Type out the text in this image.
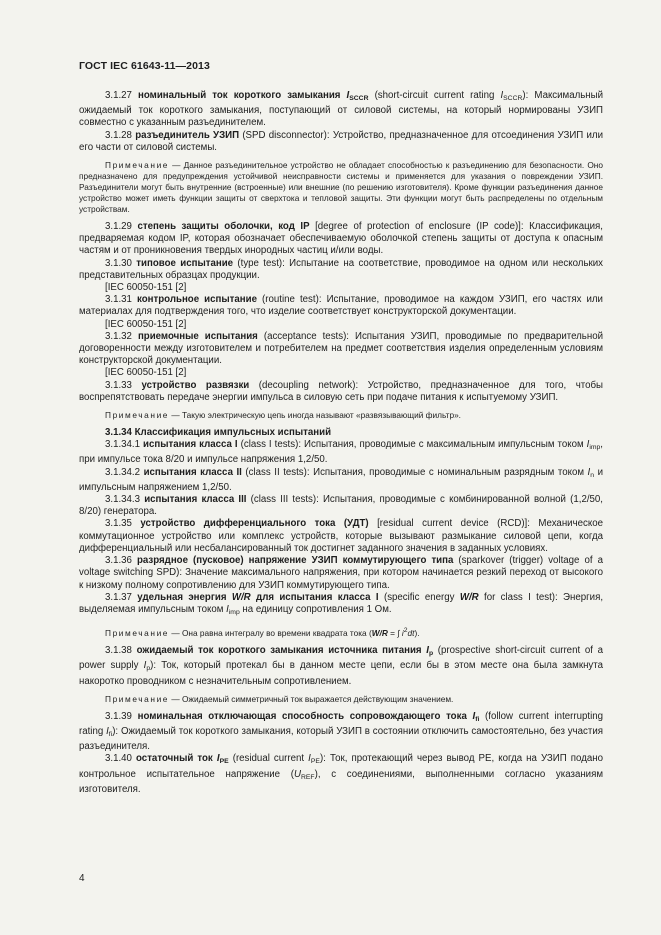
ГОСТ IEC 61643-11—2013

3.1.27 номинальный ток короткого замыкания $I_{SCCR}$ (short-circuit current rating $I_{SCCR}$): Максимальный ожидаемый ток короткого замыкания, поступающий от силовой системы, на который нормированы УЗИП совместно с указанным разъединителем.

3.1.28 разъединитель УЗИП (SPD disconnector): Устройство, предназначенное для отсоединения УЗИП или его части от силовой системы.

Примечание — Данное разъединительное устройство не обладает способностью к разъединению для безопасности. Оно предназначено для предупреждения устойчивой неисправности системы и применяется для указания о повреждении УЗИП. Разъединители могут быть внутренние (встроенные) или внешние (по решению изготовителя). Кроме функции разъединения данное устройство может иметь функции защиты от сверхтока и тепловой защиты. Эти функции могут быть распределены по отдельным устройствам.

3.1.29 степень защиты оболочки, код IP [degree of protection of enclosure (IP code)]: Классификация, предваряемая кодом IP, которая обозначает обеспечиваемую оболочкой степень защиты от доступа к опасным частям и от проникновения твердых инородных частиц и/или воды.

3.1.30 типовое испытание (type test): Испытание на соответствие, проводимое на одном или нескольких представительных образцах продукции.

[IEC 60050-151 [2]

3.1.31 контрольное испытание (routine test): Испытание, проводимое на каждом УЗИП, его частях или материалах для подтверждения того, что изделие соответствует конструкторской документации.

[IEC 60050-151 [2]

3.1.32 приемочные испытания (acceptance tests): Испытания УЗИП, проводимые по предварительной договоренности между изготовителем и потребителем на предмет соответствия изделия определенным условиям конструкторской документации.

[IEC 60050-151 [2]

3.1.33 устройство развязки (decoupling network): Устройство, предназначенное для того, чтобы воспрепятствовать передаче энергии импульса в силовую сеть при подаче питания к испытуемому УЗИП.

Примечание — Такую электрическую цепь иногда называют «развязывающий фильтр».

3.1.34 Классификация импульсных испытаний

3.1.34.1 испытания класса I (class I tests): Испытания, проводимые с максимальным импульсным током $I_{imp}$, при импульсе тока 8/20 и импульсе напряжения 1,2/50.

3.1.34.2 испытания класса II (class II tests): Испытания, проводимые с номинальным разрядным током $I_n$ и импульсным напряжением 1,2/50.

3.1.34.3 испытания класса III (class III tests): Испытания, проводимые с комбинированной волной (1,2/50, 8/20) генератора.

3.1.35 устройство дифференциального тока (УДТ) [residual current device (RCD)]: Механическое коммутационное устройство или комплекс устройств, которые вызывают размыкание силовой цепи, когда дифференциальный или несбалансированный ток достигнет заданного значения в заданных условиях.

3.1.36 разрядное (пусковое) напряжение УЗИП коммутирующего типа (sparkover (trigger) voltage of a voltage switching SPD): Значение максимального напряжения, при котором начинается резкий переход от высокого к низкому полному сопротивлению для УЗИП коммутирующего типа.

3.1.37 удельная энергия W/R для испытания класса I (specific energy W/R for class I test): Энергия, выделяемая импульсным током $I_{imp}$ на единицу сопротивления 1 Ом.

Примечание — Она равна интегралу во времени квадрата тока (W/R = ∫ $i^2dt$).

3.1.38 ожидаемый ток короткого замыкания источника питания $I_p$ (prospective short-circuit current of a power supply $I_p$): Ток, который протекал бы в данном месте цепи, если бы в этом месте она была замкнута накоротко проводником с незначительным сопротивлением.

Примечание — Ожидаемый симметричный ток выражается действующим значением.

3.1.39 номинальная отключающая способность сопровождающего тока $I_{fi}$ (follow current interrupting rating $I_{fi}$): Ожидаемый ток короткого замыкания, который УЗИП в состоянии отключить самостоятельно, без участия разъединителя.

3.1.40 остаточный ток $I_{PE}$ (residual current $I_{PE}$): Ток, протекающий через вывод PE, когда на УЗИП подано контрольное испытательное напряжение $(U_{REF})$, с соединениями, выполненными согласно указаниям изготовителя.

4
